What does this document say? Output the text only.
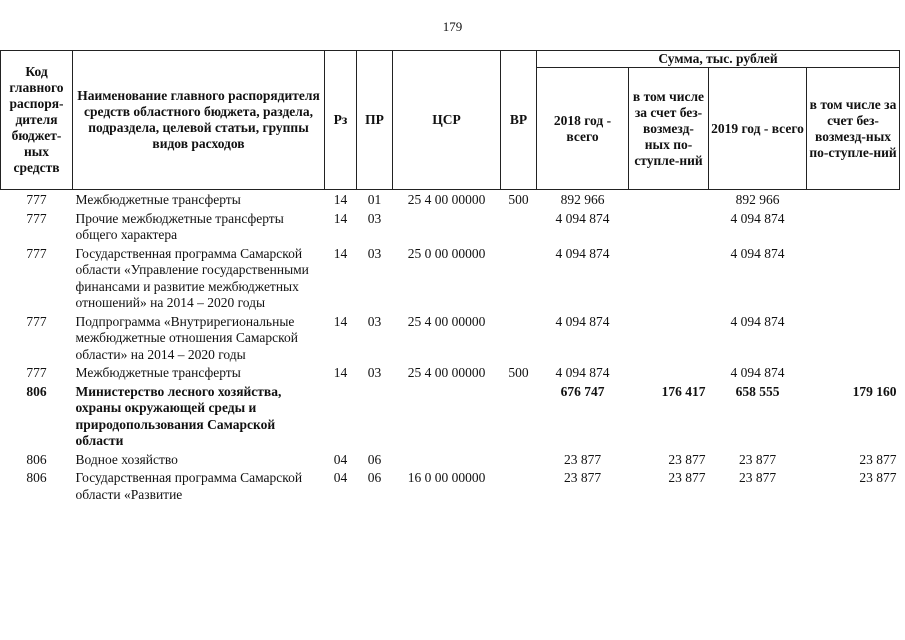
179
Код главного распоря-дителя бюджет-ных средств	Наименование главного распорядителя средств областного бюджета, раздела, подраздела, целевой статьи, группы видов расходов	Рз	ПР	ЦСР	ВР	Сумма, тыс. рублей			
						2018 год - всего	в том числе за счет без-возмезд-ных по-ступле-ний	2019 год - всего	в том числе за счет без-возмезд-ных по-ступле-ний
777	Межбюджетные трансферты	14	01	25 4 00 00000	500	892 966		892 966	
777	Прочие межбюджетные трансферты общего характера	14	03			4 094 874		4 094 874	
777	Государственная программа Самарской области «Управление государственными финансами и развитие межбюджетных отношений» на 2014 – 2020 годы	14	03	25 0 00 00000		4 094 874		4 094 874	
777	Подпрограмма «Внутрирегиональные межбюджетные отношения Самарской области» на 2014 – 2020 годы	14	03	25 4 00 00000		4 094 874		4 094 874	
777	Межбюджетные трансферты	14	03	25 4 00 00000	500	4 094 874		4 094 874	
806	Министерство лесного хозяйства, охраны окружающей среды и природопользования Самарской области					676 747	176 417	658 555	179 160
806	Водное хозяйство	04	06			23 877	23 877	23 877	23 877
806	Государственная программа Самарской области «Развитие	04	06	16 0 00 00000		23 877	23 877	23 877	23 877
